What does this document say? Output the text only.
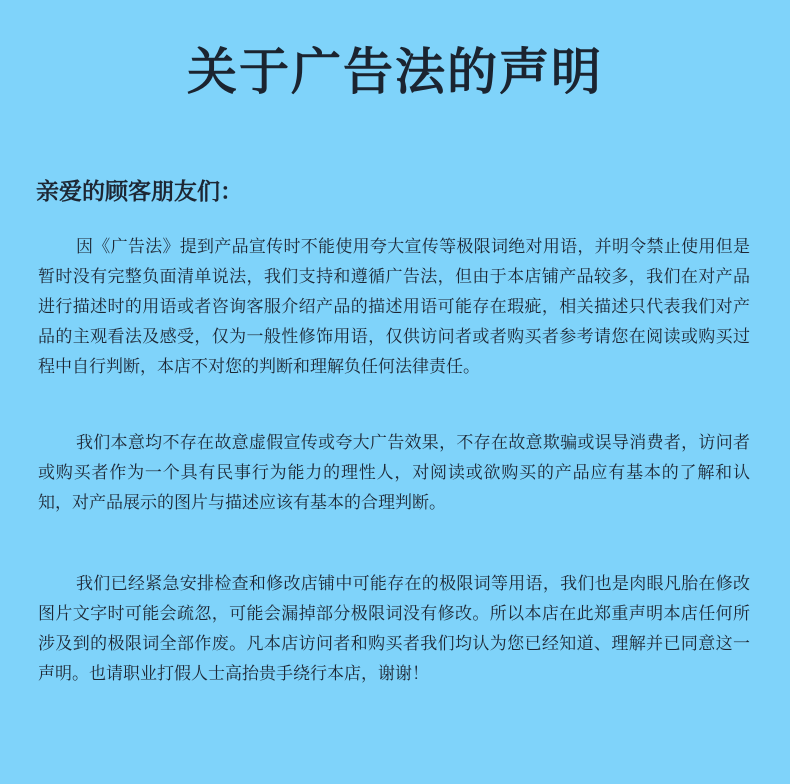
关于广告法的声明
亲爱的顾客朋友们：
因《广告法》提到产品宣传时不能使用夸大宣传等极限词绝对用语，并明令禁止使用但是暂时没有完整负面清单说法，我们支持和遵循广告法，但由于本店铺产品较多，我们在对产品进行描述时的用语或者咨询客服介绍产品的描述用语可能存在瑕疵，相关描述只代表我们对产品的主观看法及感受，仅为一般性修饰用语，仅供访问者或者购买者参考请您在阅读或购买过程中自行判断，本店不对您的判断和理解负任何法律责任。
我们本意均不存在故意虚假宣传或夸大广告效果，不存在故意欺骗或误导消费者，访问者或购买者作为一个具有民事行为能力的理性人，对阅读或欲购买的产品应有基本的了解和认知，对产品展示的图片与描述应该有基本的合理判断。
我们已经紧急安排检查和修改店铺中可能存在的极限词等用语，我们也是肉眼凡胎在修改图片文字时可能会疏忽，可能会漏掉部分极限词没有修改。所以本店在此郑重声明本店任何所涉及到的极限词全部作废。凡本店访问者和购买者我们均认为您已经知道、理解并已同意这一声明。也请职业打假人士高抬贵手绕行本店，谢谢！
